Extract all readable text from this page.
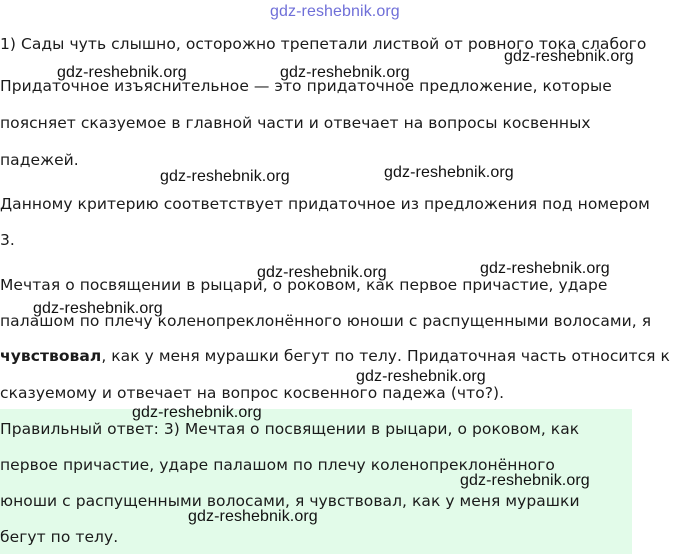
gdz-reshebnik.org
1) Сады чуть слышно, осторожно трепетали листвой от ровного тока слабого
Придаточное изъяснительное — это придаточное предложение, которые
поясняет сказуемое в главной части и отвечает на вопросы косвенных
падежей.
Данному критерию соответствует придаточное из предложения под номером
3.
Мечтая о посвящении в рыцари, о роковом, как первое причастие, ударе
палашом по плечу коленопреклонённого юноши с распущенными волосами, я
чувствовал, как у меня мурашки бегут по телу. Придаточная часть относится к
сказуемому и отвечает на вопрос косвенного падежа (что?).
Правильный ответ: 3) Мечтая о посвящении в рыцари, о роковом, как
первое причастие, ударе палашом по плечу коленопреклонённого
юноши с распущенными волосами, я чувствовал, как у меня мурашки
бегут по телу.
gdz-reshebnik.org
gdz-reshebnik.org	gdz-reshebnik.org
gdz-reshebnik.org	gdz-reshebnik.org
gdz-reshebnik.org
gdz-reshebnik.org
gdz-reshebnik.org
gdz-reshebnik.org
gdz-reshebnik.org
gdz-reshebnik.org
gdz-reshebnik.org
